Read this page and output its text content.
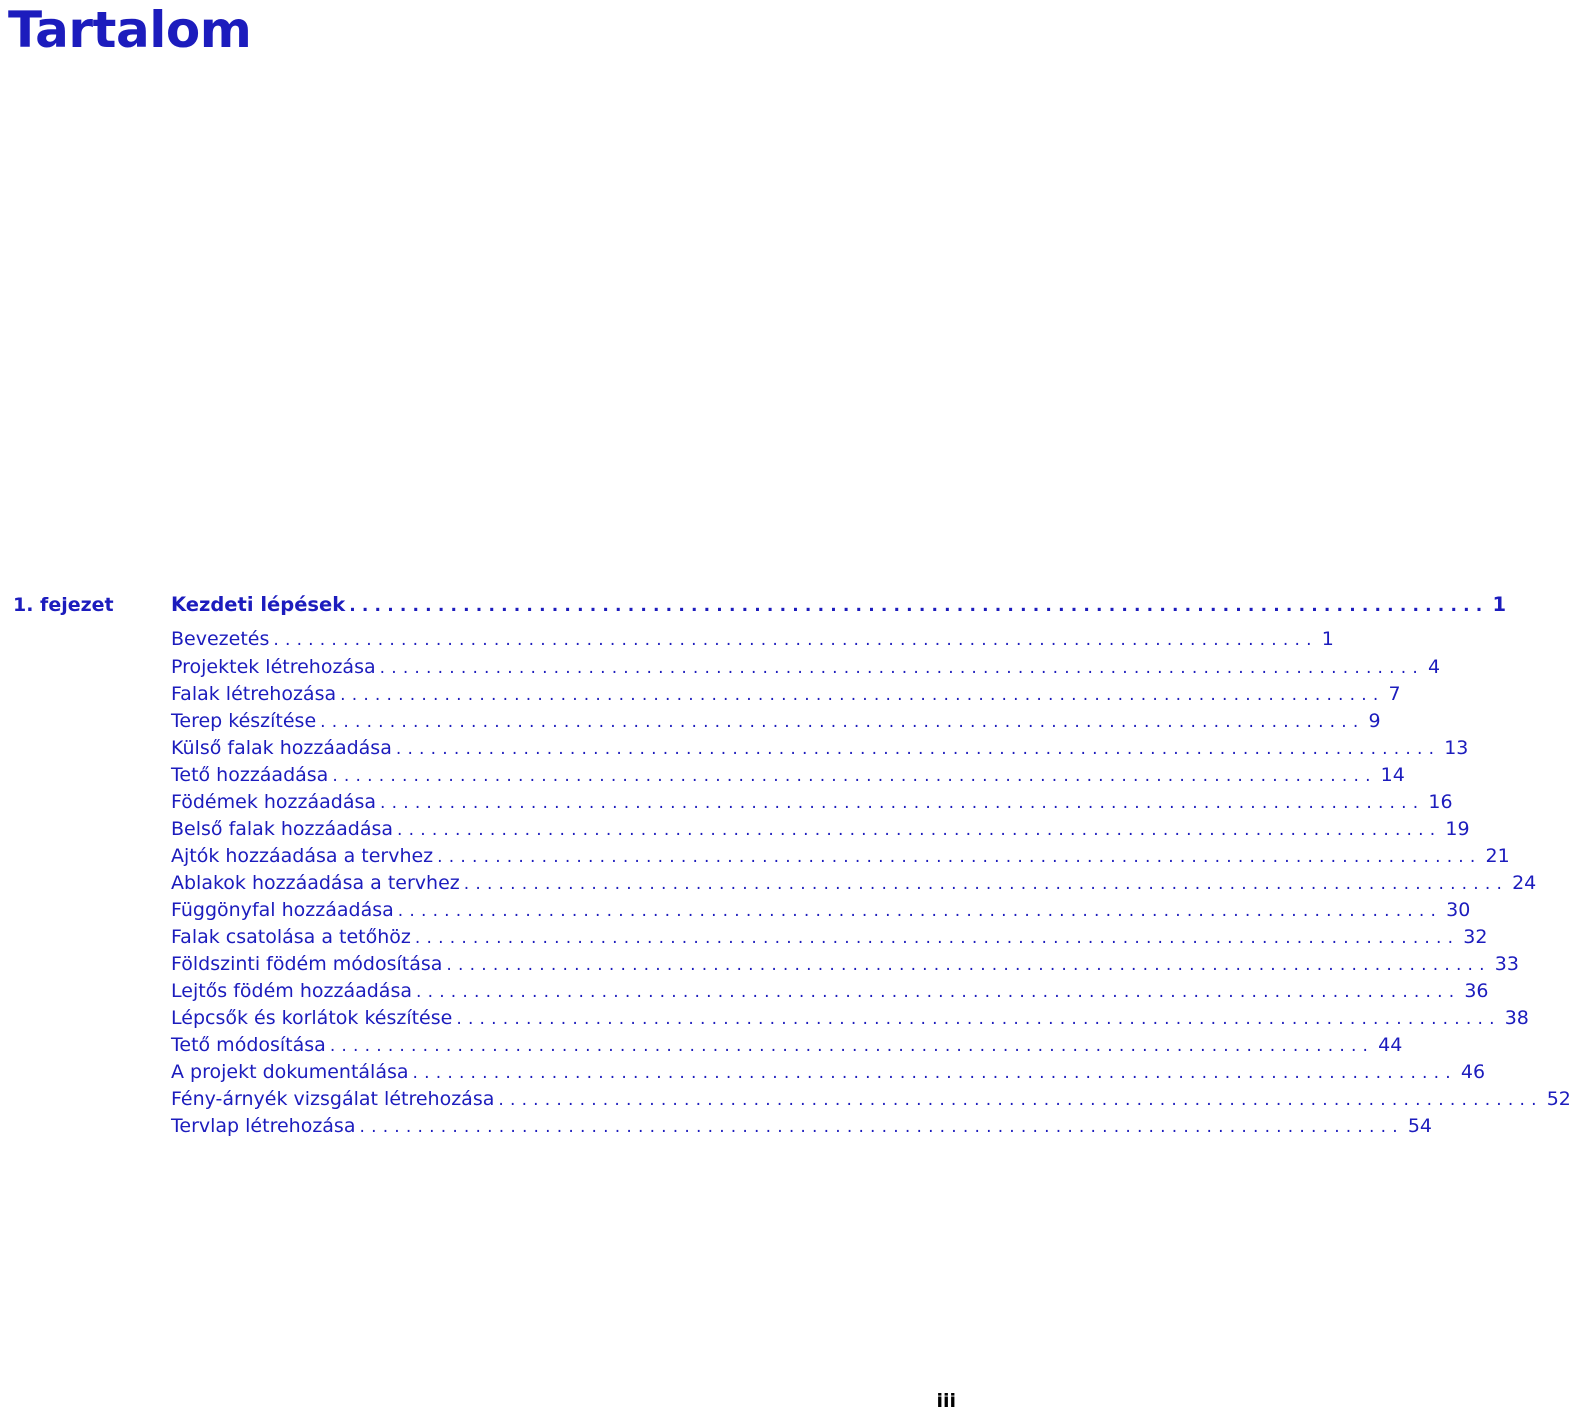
Tartalom
1. fejezet	Kezdeti lépések .......................................................................................... 1
Bevezetés .......................................................................................... 1
Projektek létrehozása .......................................................................................... 4
Falak létrehozása .......................................................................................... 7
Terep készítése .......................................................................................... 9
Külső falak hozzáadása .......................................................................................... 13
Tető hozzáadása .......................................................................................... 14
Födémek hozzáadása .......................................................................................... 16
Belső falak hozzáadása .......................................................................................... 19
Ajtók hozzáadása a tervhez .......................................................................................... 21
Ablakok hozzáadása a tervhez .......................................................................................... 24
Függönyfal hozzáadása .......................................................................................... 30
Falak csatolása a tetőhöz .......................................................................................... 32
Földszinti födém módosítása .......................................................................................... 33
Lejtős födém hozzáadása .......................................................................................... 36
Lépcsők és korlátok készítése .......................................................................................... 38
Tető módosítása .......................................................................................... 44
A projekt dokumentálása .......................................................................................... 46
Fény-árnyék vizsgálat létrehozása .......................................................................................... 52
Tervlap létrehozása .......................................................................................... 54
iii
